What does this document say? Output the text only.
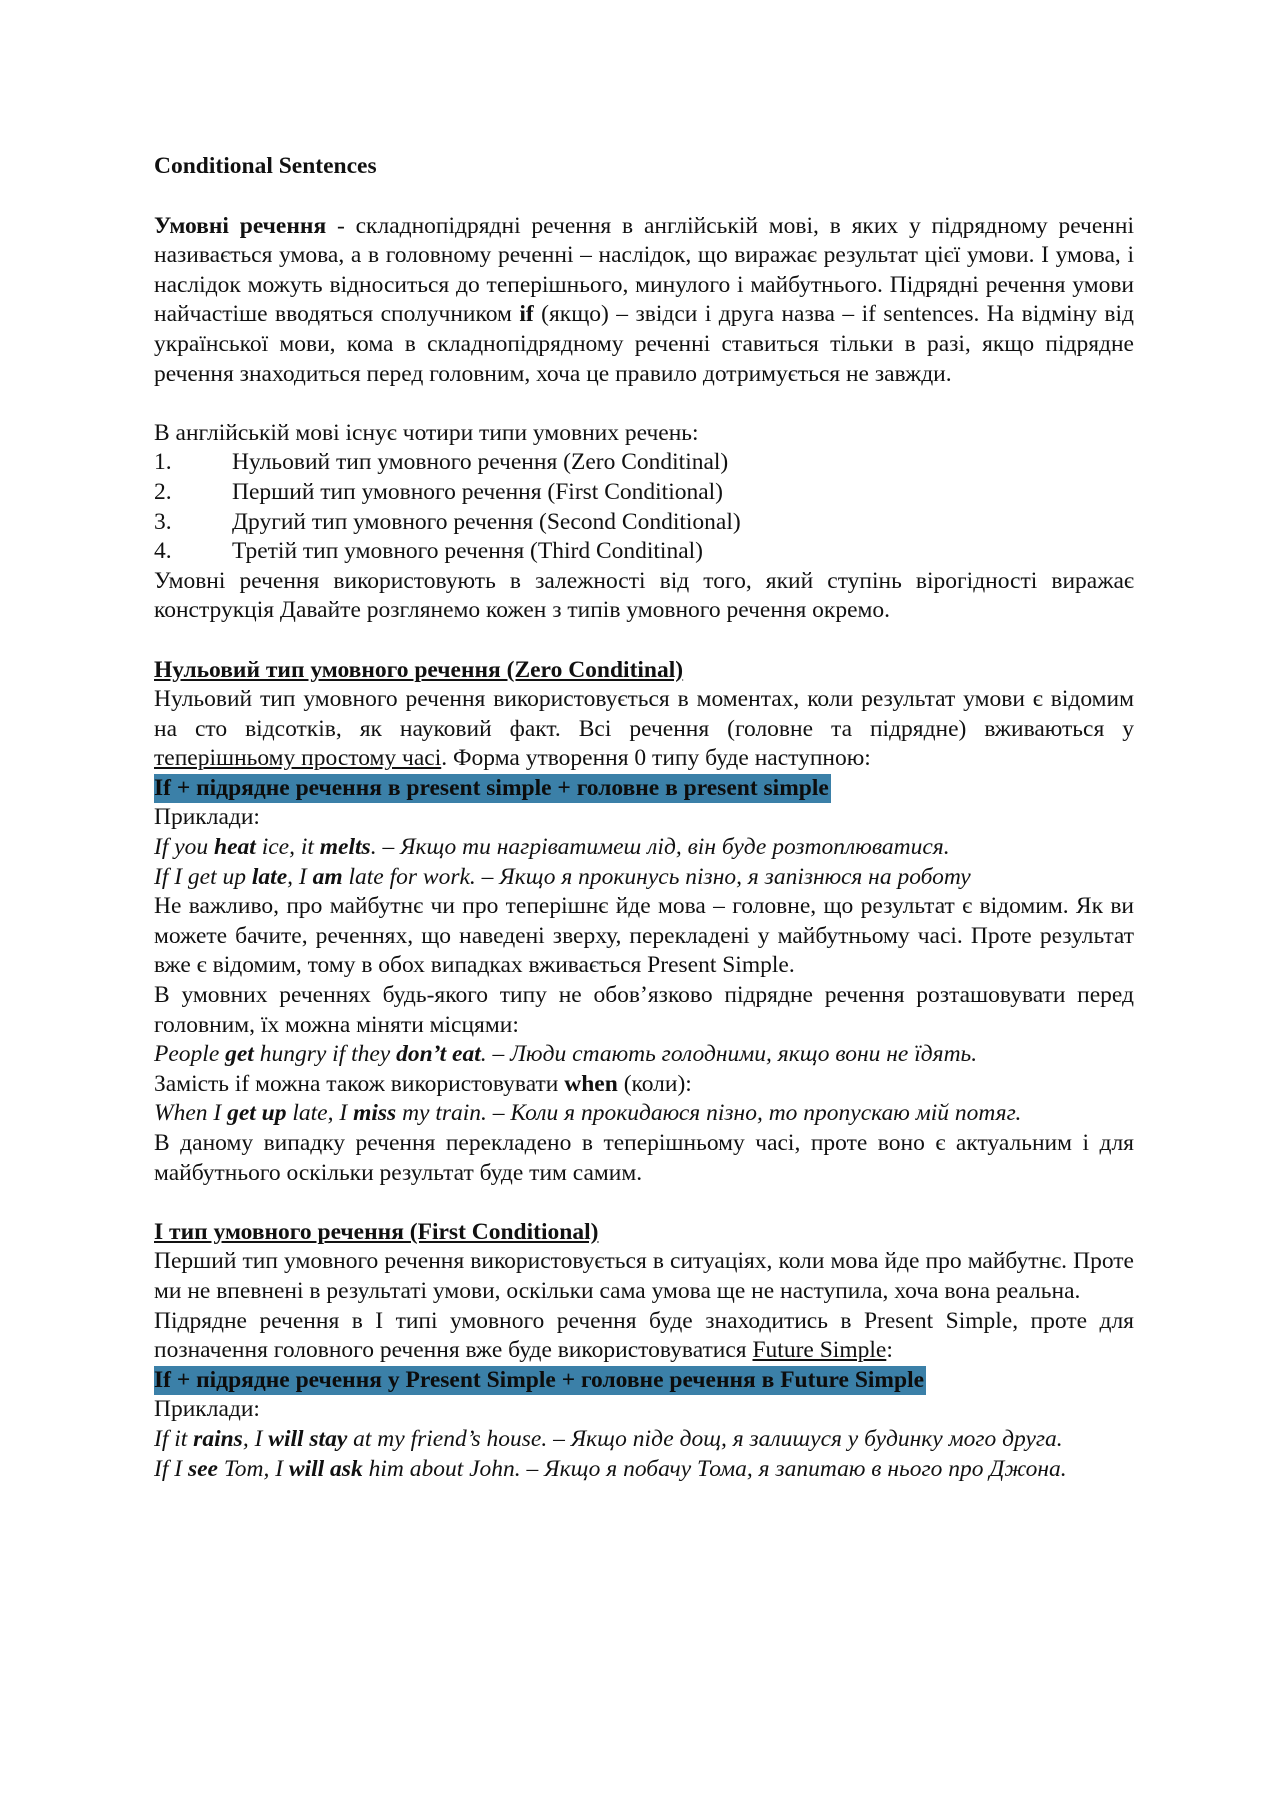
Conditional Sentences

Умовні речення - складнопідрядні речення в англійській мові, в яких у підрядному реченні називається умова, а в головному реченні – наслідок, що виражає результат цієї умови. І умова, і наслідок можуть відноситься до теперішнього, минулого і майбутнього. Підрядні речення умови найчастіше вводяться сполучником if (якщо) – звідси і друга назва – if sentences. На відміну від української мови, кома в складнопідрядному реченні ставиться тільки в разі, якщо підрядне речення знаходиться перед головним, хоча це правило дотримується не завжди.

В англійській мові існує чотири типи умовних речень:

1.	Нульовий тип умовного речення (Zero Conditinal)
2.	Перший тип умовного речення (First Conditional)
3.	Другий тип умовного речення (Second Conditional)
4.	Третій тип умовного речення (Third Conditinal)

Умовні речення використовують в залежності від того, який ступінь вірогідності виражає конструкція Давайте розглянемо кожен з типів умовного речення окремо.

Нульовий тип умовного речення (Zero Conditinal)

Нульовий тип умовного речення використовується в моментах, коли результат умови є відомим на сто відсотків, як науковий факт. Всі речення (головне та підрядне) вживаються у теперішньому простому часі. Форма утворення 0 типу буде наступною:

If + підрядне речення в present simple + головне в present simple

Приклади:

If you heat ice, it melts. – Якщо ти нагріватимеш лід, він буде розтоплюватися.

If I get up late, I am late for work. – Якщо я прокинусь пізно, я запізнюся на роботу

Не важливо, про майбутнє чи про теперішнє йде мова – головне, що результат є відомим. Як ви можете бачите, реченнях, що наведені зверху, перекладені у майбутньому часі. Проте результат вже є відомим, тому в обох випадках вживається Present Simple.

В умовних реченнях будь-якого типу не обов’язково підрядне речення розташовувати перед головним, їх можна міняти місцями:

People get hungry if they don’t eat. – Люди стають голодними, якщо вони не їдять.

Замість if можна також використовувати when (коли):

When I get up late, I miss my train. – Коли я прокидаюся пізно, то пропускаю мій потяг.

В даному випадку речення перекладено в теперішньому часі, проте воно є актуальним і для майбутнього оскільки результат буде тим самим.

І тип умовного речення (First Conditional)

Перший тип умовного речення використовується в ситуаціях, коли мова йде про майбутнє. Проте ми не впевнені в результаті умови, оскільки сама умова ще не наступила, хоча вона реальна.

Підрядне речення в І типі умовного речення буде знаходитись в Present Simple, проте для позначення головного речення вже буде використовуватися Future Simple:

If + підрядне речення у Present Simple + головне речення в Future Simple

Приклади:

If it rains, I will stay at my friend’s house. – Якщо піде дощ, я залишуся у будинку мого друга.

If I see Tom, I will ask him about John. – Якщо я побачу Тома, я запитаю в нього про Джона.
